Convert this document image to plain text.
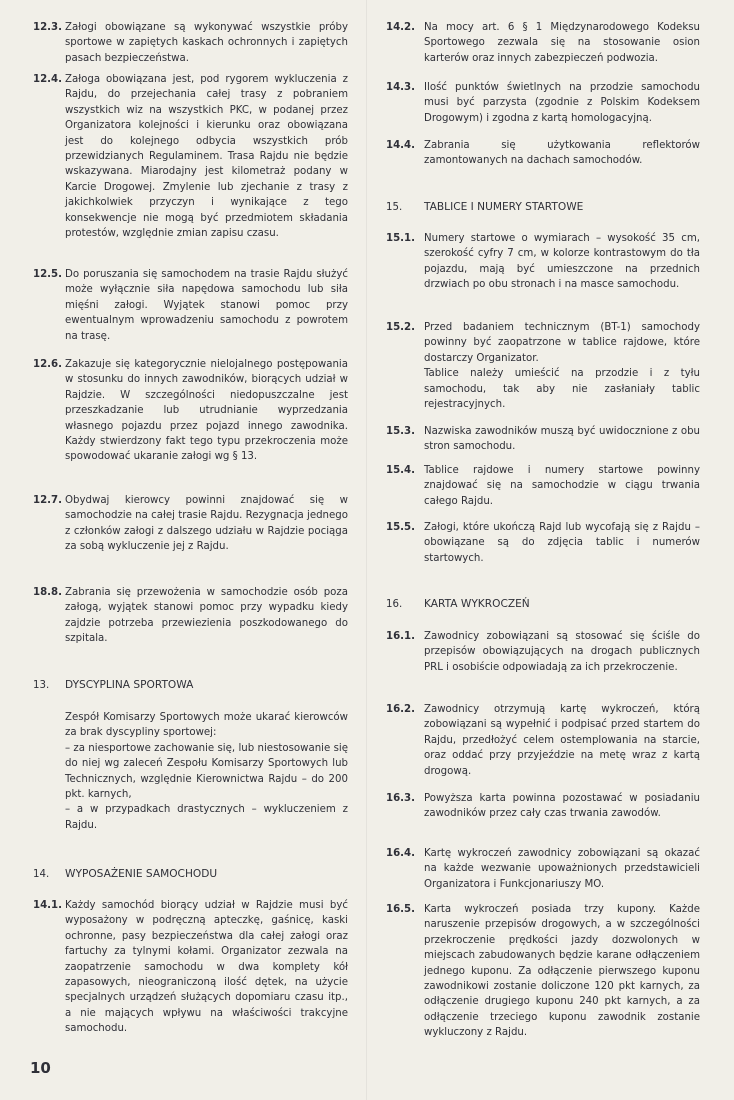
12.3. Załogi obowiązane są wykonywać wszystkie próby sportowe w zapiętych kaskach ochronnych i zapiętych pasach bezpieczeństwa.
12.4. Załoga obowiązana jest, pod rygorem wykluczenia z Rajdu, do przejechania całej trasy z pobraniem wszystkich wiz na wszystkich PKC, w podanej przez Organizatora kolejności i kierunku oraz obowiązana jest do kolejnego odbycia wszystkich prób przewidzianych Regulaminem. Trasa Rajdu nie będzie wskazywana. Miarodajny jest kilometraż podany w Karcie Drogowej. Zmylenie lub zjechanie z trasy z jakichkolwiek przyczyn i wynikające z tego konsekwencje nie mogą być przedmiotem składania protestów, względnie zmian zapisu czasu.
12.5. Do poruszania się samochodem na trasie Rajdu służyć może wyłącznie siła napędowa samochodu lub siła mięśni załogi. Wyjątek stanowi pomoc przy ewentualnym wprowadzeniu samochodu z powrotem na trasę.
12.6. Zakazuje się kategorycznie nielojalnego postępowania w stosunku do innych zawodników, biorących udział w Rajdzie. W szczególności niedopuszczalne jest przeszkadzanie lub utrudnianie wyprzedzania własnego pojazdu przez pojazd innego zawodnika. Każdy stwierdzony fakt tego typu przekroczenia może spowodować ukaranie załogi wg § 13.
12.7. Obydwaj kierowcy powinni znajdować się w samochodzie na całej trasie Rajdu. Rezygnacja jednego z członków załogi z dalszego udziału w Rajdzie pociąga za sobą wykluczenie jej z Rajdu.
18.8. Zabrania się przewożenia w samochodzie osób poza załogą, wyjątek stanowi pomoc przy wypadku kiedy zajdzie potrzeba przewiezienia poszkodowanego do szpitala.
13. DYSCYPLINA SPORTOWA
Zespół Komisarzy Sportowych może ukarać kierowców za brak dyscypliny sportowej:
– za niesportowe zachowanie się, lub niestosowanie się do niej wg zaleceń Zespołu Komisarzy Sportowych lub Technicznych, względnie Kierownictwa Rajdu – do 200 pkt. karnych,
– a w przypadkach drastycznych – wykluczeniem z Rajdu.
14. WYPOSAŻENIE SAMOCHODU
14.1. Każdy samochód biorący udział w Rajdzie musi być wyposażony w podręczną apteczkę, gaśnicę, kaski ochronne, pasy bezpieczeństwa dla całej załogi oraz fartuchy za tylnymi kołami. Organizator zezwala na zaopatrzenie samochodu w dwa komplety kół zapasowych, nieograniczoną ilość dętek, na użycie specjalnych urządzeń służących dopomiaru czasu itp., a nie mających wpływu na właściwości trakcyjne samochodu.
14.2. Na mocy art. 6 § 1 Międzynarodowego Kodeksu Sportowego zezwala się na stosowanie osion karterów oraz innych zabezpieczeń podwozia.
14.3. Ilość punktów świetlnych na przodzie samochodu musi być parzysta (zgodnie z Polskim Kodeksem Drogowym) i zgodna z kartą homologacyjną.
14.4. Zabrania się użytkowania reflektorów zamontowanych na dachach samochodów.
15. TABLICE I NUMERY STARTOWE
15.1. Numery startowe o wymiarach – wysokość 35 cm, szerokość cyfry 7 cm, w kolorze kontrastowym do tła pojazdu, mają być umieszczone na przednich drzwiach po obu stronach i na masce samochodu.
15.2. Przed badaniem technicznym (BT-1) samochody powinny być zaopatrzone w tablice rajdowe, które dostarczy Organizator.
Tablice należy umieścić na przodzie i z tyłu samochodu, tak aby nie zasłaniały tablic rejestracyjnych.
15.3. Nazwiska zawodników muszą być uwidocznione z obu stron samochodu.
15.4. Tablice rajdowe i numery startowe powinny znajdować się na samochodzie w ciągu trwania całego Rajdu.
15.5. Załogi, które ukończą Rajd lub wycofają się z Rajdu – obowiązane są do zdjęcia tablic i numerów startowych.
16. KARTA WYKROCZEŃ
16.1. Zawodnicy zobowiązani są stosować się ściśle do przepisów obowiązujących na drogach publicznych PRL i osobiście odpowiadają za ich przekroczenie.
16.2. Zawodnicy otrzymują kartę wykroczeń, którą zobowiązani są wypełnić i podpisać przed startem do Rajdu, przedłożyć celem ostemplowania na starcie, oraz oddać przy przyjeździe na metę wraz z kartą drogową.
16.3. Powyższa karta powinna pozostawać w posiadaniu zawodników przez cały czas trwania zawodów.
16.4. Kartę wykroczeń zawodnicy zobowiązani są okazać na każde wezwanie upoważnionych przedstawicieli Organizatora i Funkcjonariuszy MO.
16.5. Karta wykroczeń posiada trzy kupony. Każde naruszenie przepisów drogowych, a w szczególności przekroczenie prędkości jazdy dozwolonych w miejscach zabudowanych będzie karane odłączeniem jednego kuponu. Za odłączenie pierwszego kuponu zawodnikowi zostanie doliczone 120 pkt karnych, za odłączenie drugiego kuponu 240 pkt karnych, a za odłączenie trzeciego kuponu zawodnik zostanie wykluczony z Rajdu.
10
